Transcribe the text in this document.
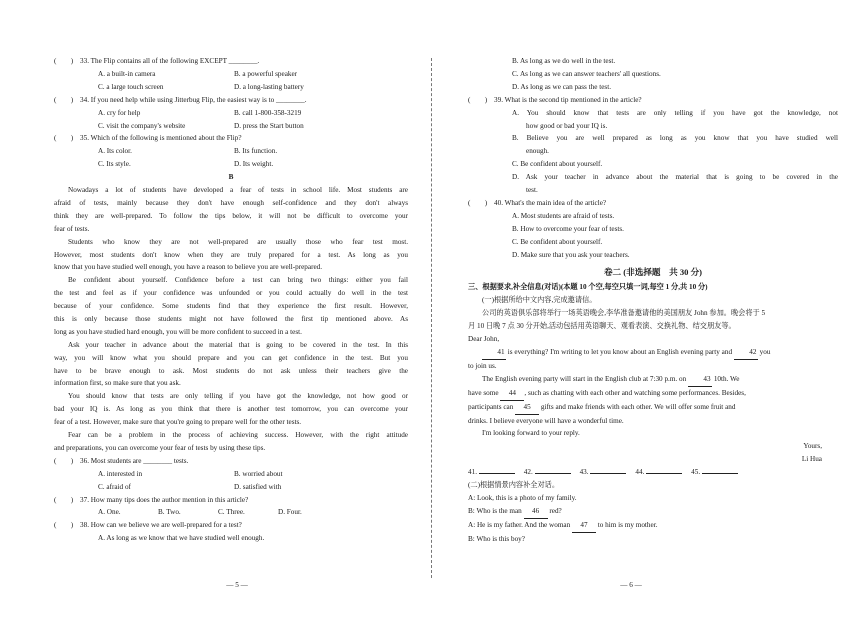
(　　) 33. The Flip contains all of the following EXCEPT ________.
A. a built-in camera	B. a powerful speaker
C. a large touch screen	D. a long-lasting battery
(　　) 34. If you need help while using Jitterbug Flip, the easiest way is to ________.
A. cry for help	B. call 1-800-358-3219
C. visit the company's website	D. press the Start button
(　　) 35. Which of the following is mentioned about the Flip?
A. Its color.	B. Its function.
C. Its style.	D. Its weight.
B
Nowadays a lot of students have developed a fear of tests in school life. Most students are
afraid of tests, mainly because they don't have enough self-confidence and they don't always
think they are well-prepared. To follow the tips below, it will not be difficult to overcome your
fear of tests.
Students who know they are not well-prepared are usually those who fear test most.
However, most students don't know when they are truly prepared for a test. As long as you
know that you have studied well enough, you have a reason to believe you are well-prepared.
Be confident about yourself. Confidence before a test can bring two things: either you fail
the test and feel as if your confidence was unfounded or you could actually do well in the test
because of your confidence. Some students find that they experience the first result. However,
this is only because those students might not have followed the first tip mentioned above. As
long as you have studied hard enough, you will be more confident to succeed in a test.
Ask your teacher in advance about the material that is going to be covered in the test. In this
way, you will know what you should prepare and you can get confidence in the test. But you
have to be brave enough to ask. Most students do not ask unless their teachers give the
information first, so make sure that you ask.
You should know that tests are only telling if you have got the knowledge, not how good or
bad your IQ is. As long as you think that there is another test tomorrow, you can overcome your
fear of a test. However, make sure that you're going to prepare well for the other tests.
Fear can be a problem in the process of achieving success. However, with the right attitude
and preparations, you can overcome your fear of tests by using these tips.
(　　) 36. Most students are ________ tests.
A. interested in	B. worried about
C. afraid of	D. satisfied with
(　　) 37. How many tips does the author mention in this article?
A. One.	B. Two.	C. Three.	D. Four.
(　　) 38. How can we believe we are well-prepared for a test?
A. As long as we know that we have studied well enough.
— 5 —
B. As long as we do well in the test.
C. As long as we can answer teachers' all questions.
D. As long as we can pass the test.
(　　) 39. What is the second tip mentioned in the article?
A. You should know that tests are only telling if you have got the knowledge, not
how good or bad your IQ is.
B. Believe you are well prepared as long as you know that you have studied well
enough.
C. Be confident about yourself.
D. Ask your teacher in advance about the material that is going to be covered in the
test.
(　　) 40. What's the main idea of the article?
A. Most students are afraid of tests.
B. How to overcome your fear of tests.
C. Be confident about yourself.
D. Make sure that you ask your teachers.
卷二 (非选择题　共 30 分)
三、根据要求,补全信息(对话)(本题 10 个空,每空只填一词,每空 1 分,共 10 分)
(一)根据所给中文内容,完成邀请信。
公司的英语俱乐部将举行一场英语晚会,李华准备邀请他的美国朋友 John 参加。晚会将于 5
月 10 日晚 7 点 30 分开始,活动包括用英语聊天、观看表演、交换礼物、结交朋友等。
Dear John,
41 is everything? I'm writing to let you know about an English evening party and 42 you
to join us.
The English evening party will start in the English club at 7:30 p.m. on 43 10th. We
have some 44 , such as chatting with each other and watching some performances. Besides,
participants can 45 gifts and make friends with each other. We will offer some fruit and
drinks. I believe everyone will have a wonderful time.
I'm looking forward to your reply.
Yours,
Li Hua
41. 　	42. 　	43. 　	44. 　	45.
(二)根据情景内容补全对话。
A: Look, this is a photo of my family.
B: Who is the man 46 red?
A: He is my father. And the woman 47 to him is my mother.
B: Who is this boy?
— 6 —
